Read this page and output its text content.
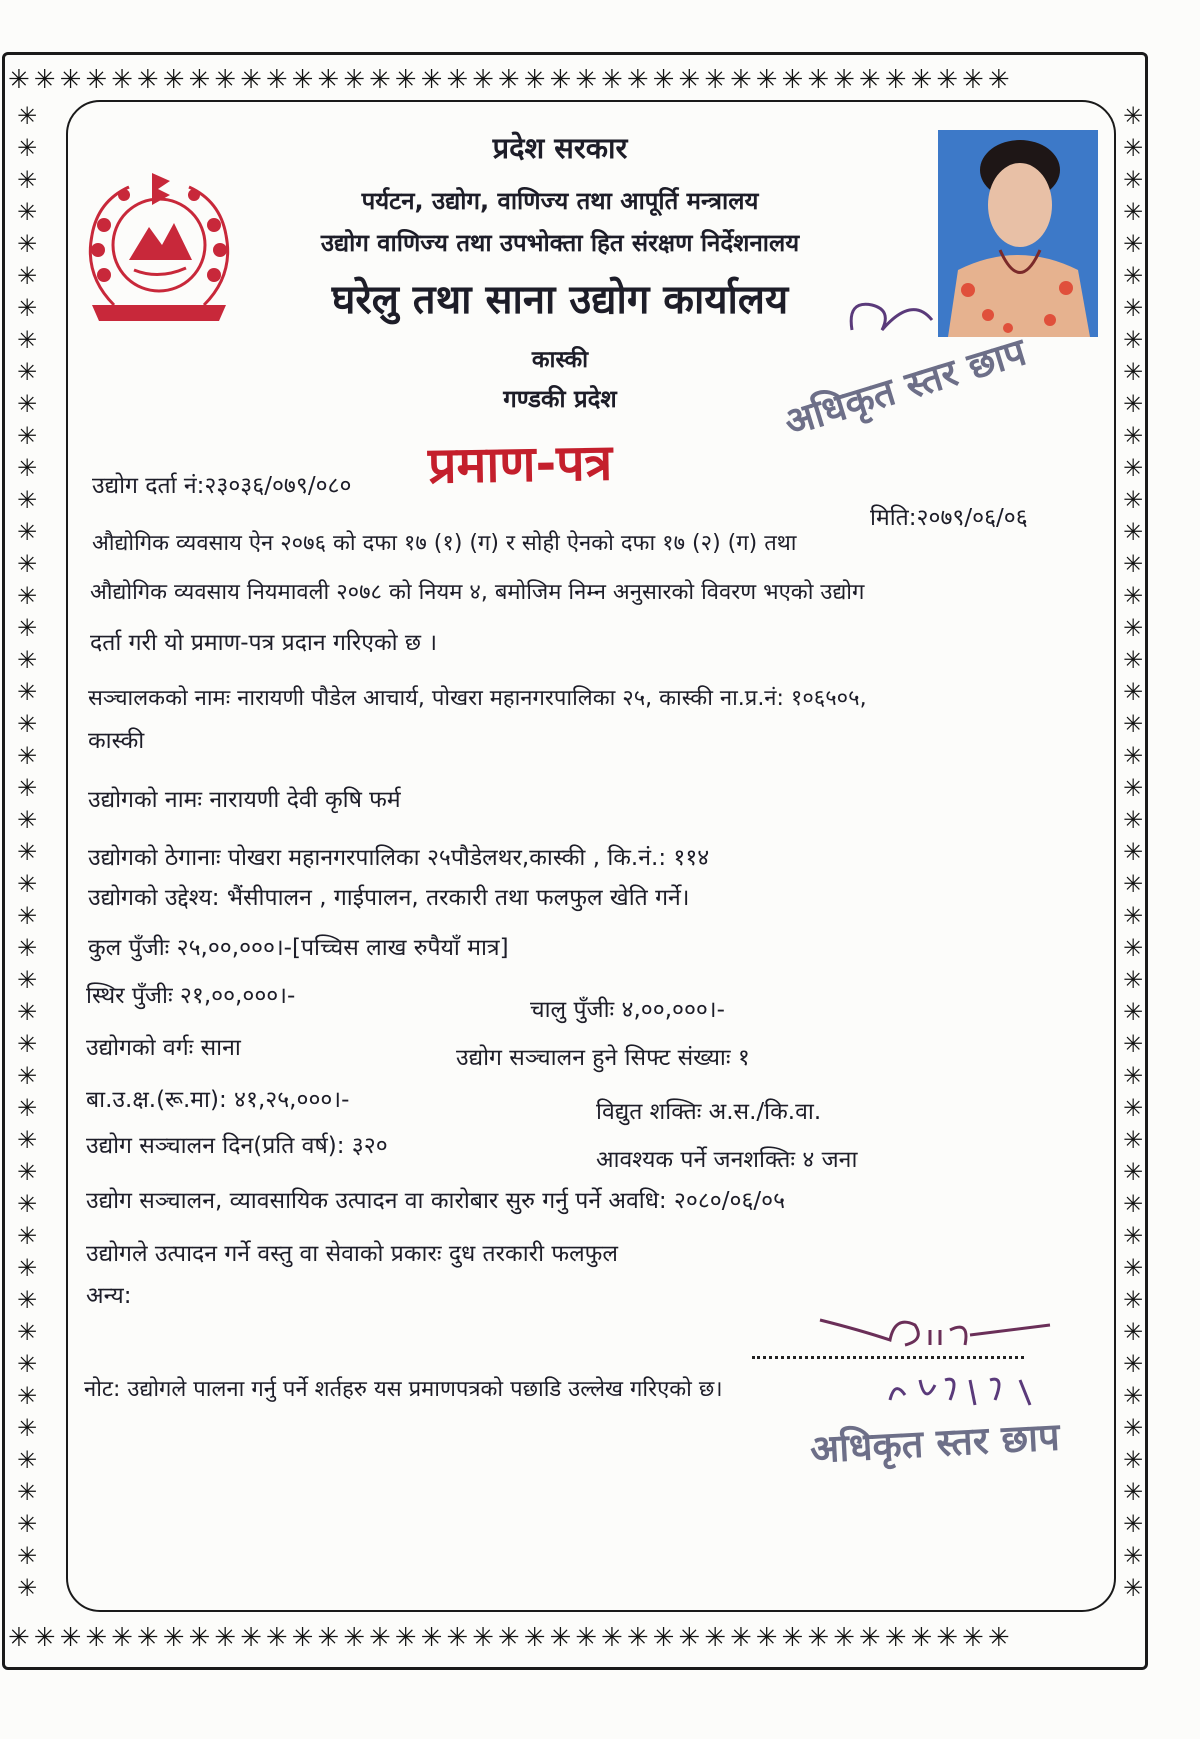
✳✳✳✳✳✳✳✳✳✳✳✳✳✳✳✳✳✳✳✳✳✳✳✳✳✳✳✳✳✳✳✳✳✳✳✳✳✳✳
✳✳✳✳✳✳✳✳✳✳✳✳✳✳✳✳✳✳✳✳✳✳✳✳✳✳✳✳✳✳✳✳✳✳✳✳✳✳✳
✳
✳
✳
✳
✳
✳
✳
✳
✳
✳
✳
✳
✳
✳
✳
✳
✳
✳
✳
✳
✳
✳
✳
✳
✳
✳
✳
✳
✳
✳
✳
✳
✳
✳
✳
✳
✳
✳
✳
✳
✳
✳
✳
✳
✳
✳
✳
✳
✳
✳
✳
✳
✳
✳
✳
✳
✳
✳
✳
✳
✳
✳
✳
✳
✳
✳
✳
✳
✳
✳
✳
✳
✳
✳
✳
✳
✳
✳
✳
✳
✳
✳
✳
✳
✳
✳
✳
✳
✳
✳
✳
✳
✳
✳
प्रदेश सरकार
पर्यटन, उद्योग, वाणिज्य तथा आपूर्ति मन्त्रालय
उद्योग वाणिज्य तथा उपभोक्ता हित संरक्षण निर्देशनालय
घरेलु तथा साना उद्योग कार्यालय
कास्की
गण्डकी प्रदेश	अधिकृत स्तर छाप
प्रमाण-पत्र
उद्योग दर्ता नं:२३०३६/०७९/०८०
मिति:२०७९/०६/०६
औद्योगिक व्यवसाय ऐन २०७६ को दफा १७ (१) (ग) र सोही ऐनको दफा १७ (२) (ग) तथा
औद्योगिक व्यवसाय नियमावली २०७८ को नियम ४, बमोजिम निम्न अनुसारको विवरण भएको उद्योग
दर्ता गरी यो प्रमाण-पत्र प्रदान गरिएको छ ।
सञ्चालकको नामः नारायणी पौडेल आचार्य, पोखरा महानगरपालिका २५, कास्की ना.प्र.नं: १०६५०५,
कास्की
उद्योगको नामः नारायणी देवी कृषि फर्म
उद्योगको ठेगानाः पोखरा महानगरपालिका २५पौडेलथर,कास्की , कि.नं.: ११४
उद्योगको उद्देश्य: भैंसीपालन , गाईपालन, तरकारी तथा फलफुल खेति गर्ने।
कुल पुँजीः २५,००,०००।-[पच्चिस लाख रुपैयाँ मात्र]
स्थिर पुँजीः २१,००,०००।-
चालु पुँजीः ४,००,०००।-
उद्योगको वर्गः साना	उद्योग सञ्चालन हुने सिफ्ट संख्याः १
बा.उ.क्ष.(रू.मा): ४१,२५,०००।-	विद्युत शक्तिः अ.स./कि.वा.
उद्योग सञ्चालन दिन(प्रति वर्ष): ३२०
आवश्यक पर्ने जनशक्तिः ४ जना
उद्योग सञ्चालन, व्यावसायिक उत्पादन वा कारोबार सुरु गर्नु पर्ने अवधि: २०८०/०६/०५
उद्योगले उत्पादन गर्ने वस्तु वा सेवाको प्रकारः दुध तरकारी फलफुल
अन्य:
नोट: उद्योगले पालना गर्नु पर्ने शर्तहरु यस प्रमाणपत्रको पछाडि उल्लेख गरिएको छ।
अधिकृत स्तर छाप
